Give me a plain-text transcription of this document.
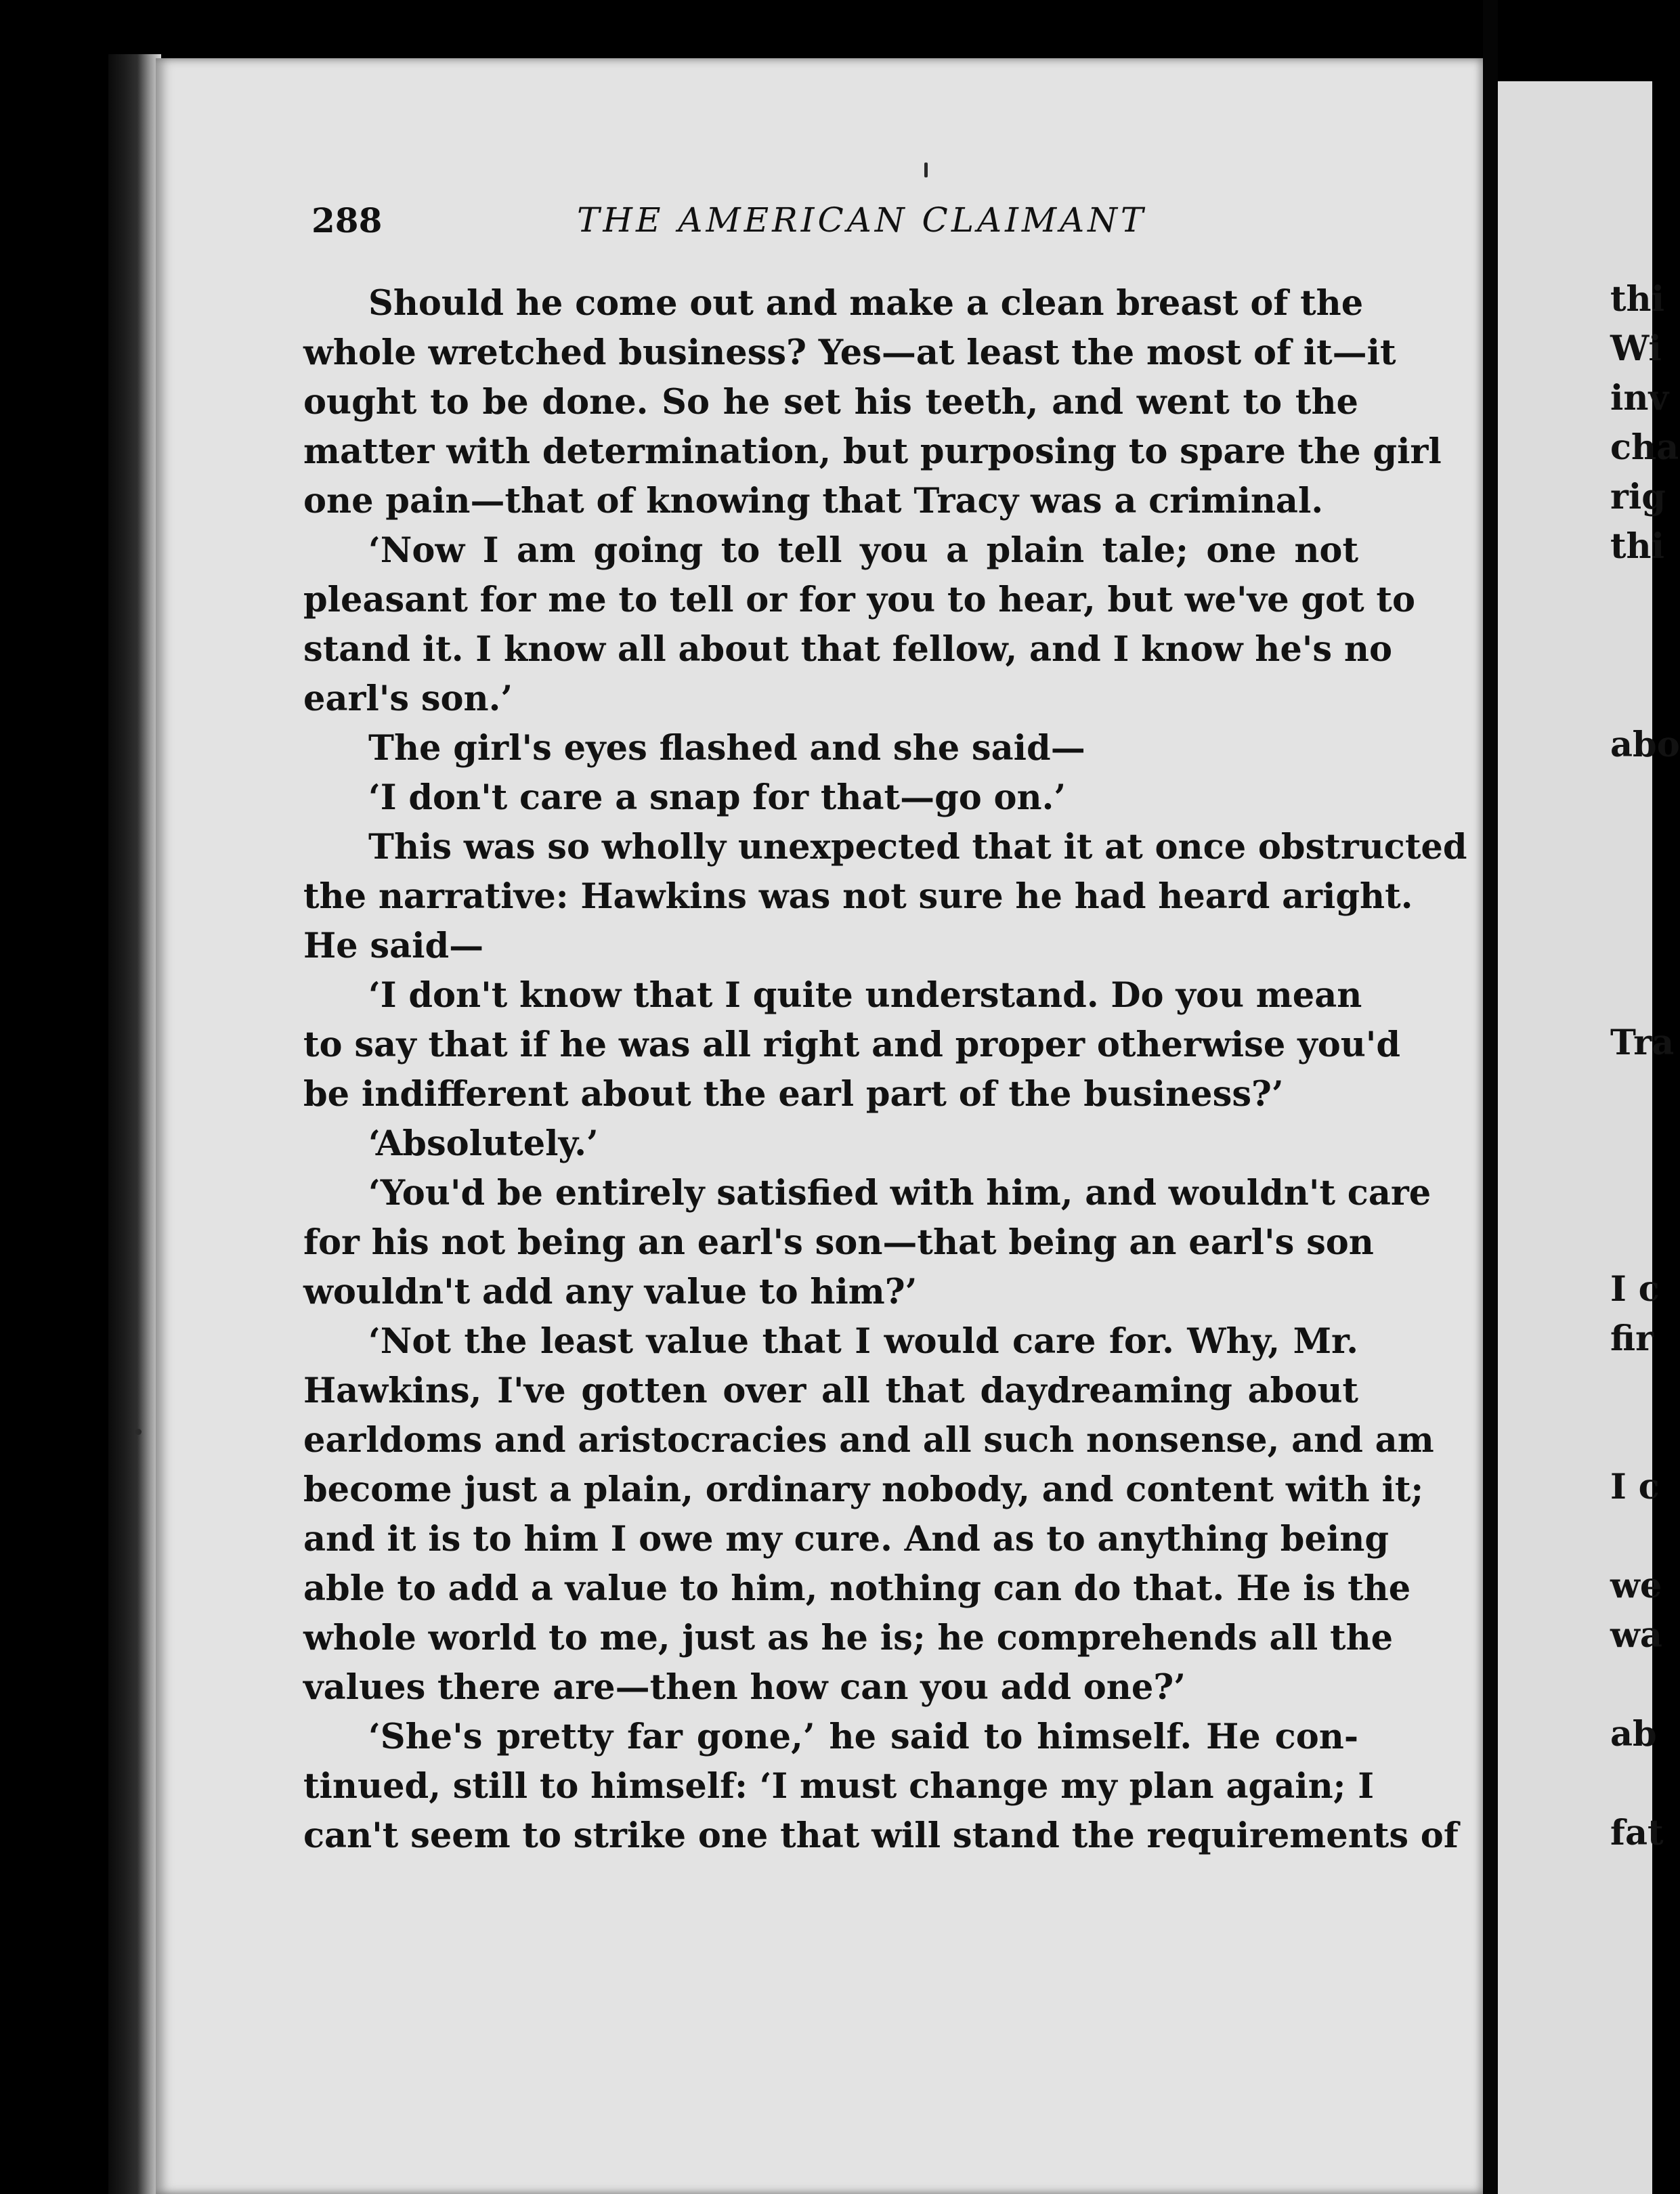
288	THE AMERICAN CLAIMANT
Should he come out and make a clean breast of the
whole wretched business? Yes—at least the most of it—it
ought to be done. So he set his teeth, and went to the
matter with determination, but purposing to spare the girl
one pain—that of knowing that Tracy was a criminal.
‘Now I am going to tell you a plain tale; one not
pleasant for me to tell or for you to hear, but we've got to
stand it. I know all about that fellow, and I know he's no
earl's son.’
The girl's eyes flashed and she said—
‘I don't care a snap for that—go on.’
This was so wholly unexpected that it at once obstructed
the narrative: Hawkins was not sure he had heard aright.
He said—
‘I don't know that I quite understand. Do you mean
to say that if he was all right and proper otherwise you'd
be indifferent about the earl part of the business?’
‘Absolutely.’
‘You'd be entirely satisfied with him, and wouldn't care
for his not being an earl's son—that being an earl's son
wouldn't add any value to him?’
‘Not the least value that I would care for. Why, Mr.
Hawkins, I've gotten over all that daydreaming about
earldoms and aristocracies and all such nonsense, and am
become just a plain, ordinary nobody, and content with it;
and it is to him I owe my cure. And as to anything being
able to add a value to him, nothing can do that. He is the
whole world to me, just as he is; he comprehends all the
values there are—then how can you add one?’
‘She's pretty far gone,’ he said to himself. He con-
tinued, still to himself: ‘I must change my plan again; I
can't seem to strike one that will stand the requirements of
thi
Wi
inv
cha
rig
thi
abo
Tra
I c
fir
I c
we
wa
ab
fat
